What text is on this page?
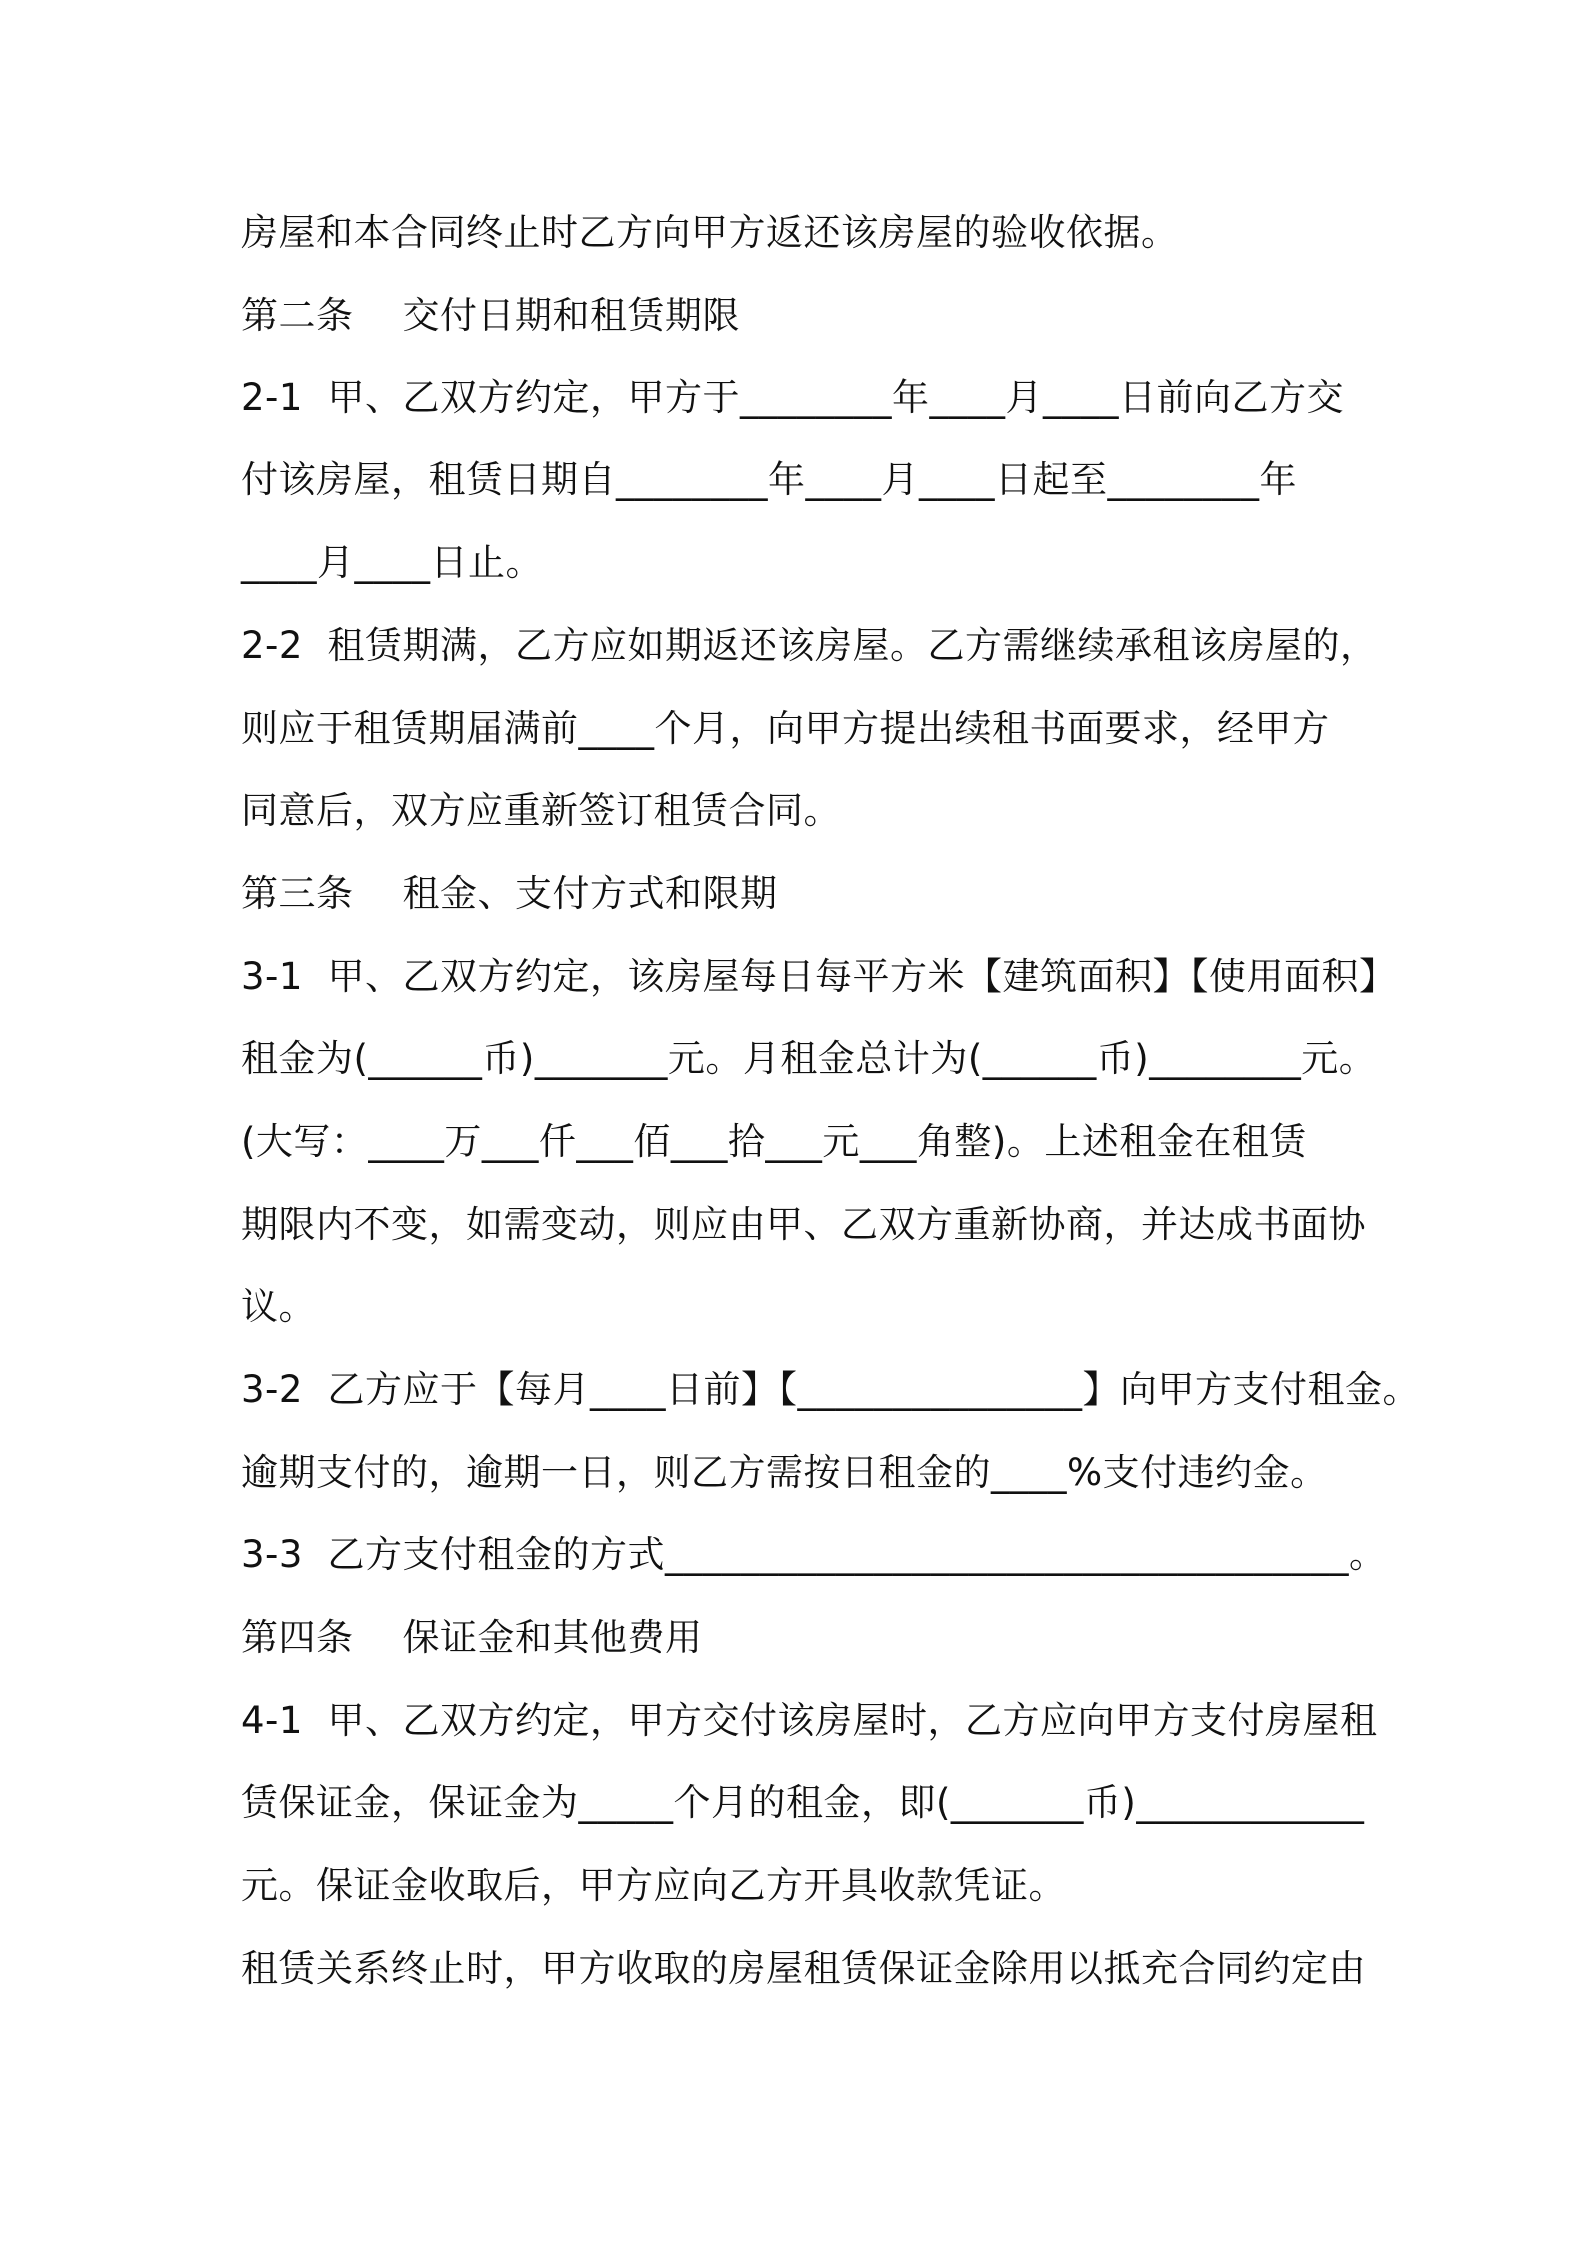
房屋和本合同终止时乙方向甲方返还该房屋的验收依据。
第二条    交付日期和租赁期限
2-1  甲、乙双方约定，甲方于________年____月____日前向乙方交
付该房屋，租赁日期自________年____月____日起至________年
____月____日止。
2-2  租赁期满，乙方应如期返还该房屋。乙方需继续承租该房屋的，
则应于租赁期届满前____个月，向甲方提出续租书面要求，经甲方
同意后，双方应重新签订租赁合同。
第三条    租金、支付方式和限期
3-1  甲、乙双方约定，该房屋每日每平方米【建筑面积】【使用面积】
租金为(______币)_______元。月租金总计为(______币)________元。
(大写：____万___仟___佰___拾___元___角整)。上述租金在租赁
期限内不变，如需变动，则应由甲、乙双方重新协商，并达成书面协
议。
3-2  乙方应于【每月____日前】【_______________】向甲方支付租金。
逾期支付的，逾期一日，则乙方需按日租金的____%支付违约金。
3-3  乙方支付租金的方式____________________________________。
第四条    保证金和其他费用
4-1  甲、乙双方约定，甲方交付该房屋时，乙方应向甲方支付房屋租
赁保证金，保证金为_____个月的租金，即(_______币)____________
元。保证金收取后，甲方应向乙方开具收款凭证。
租赁关系终止时，甲方收取的房屋租赁保证金除用以抵充合同约定由
